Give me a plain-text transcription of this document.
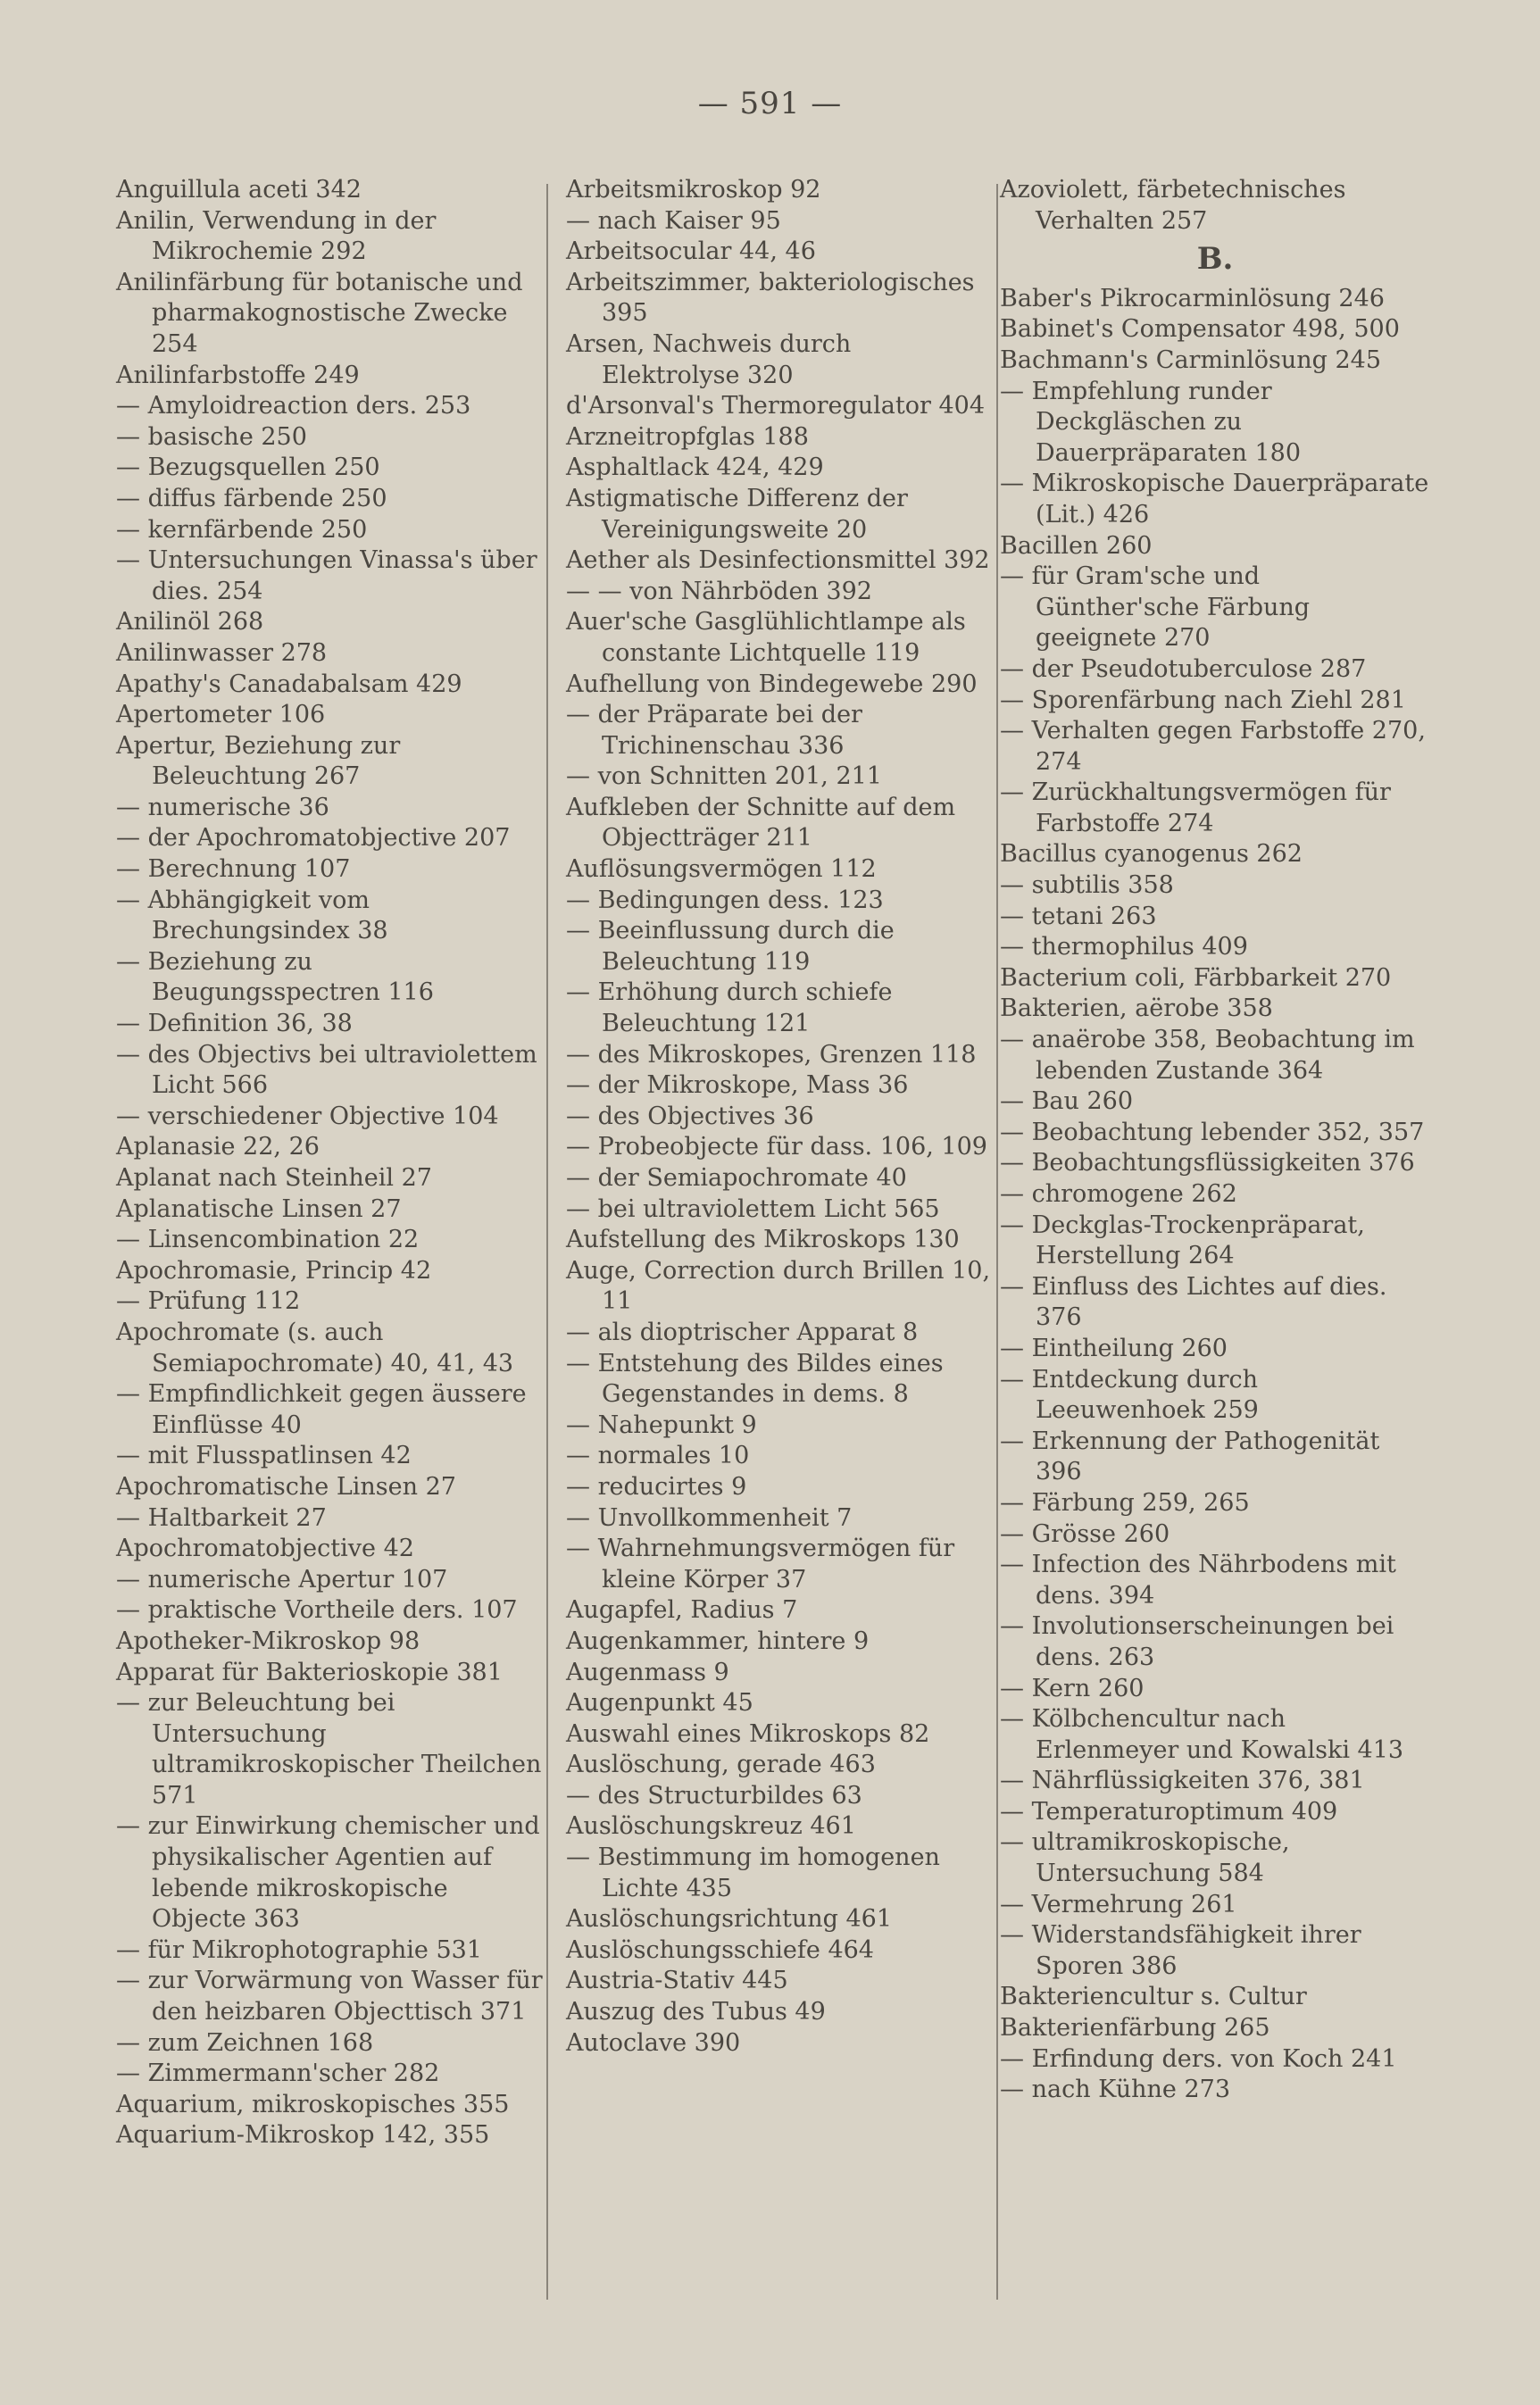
— 591 —
Anguillula aceti 342
Anilin, Verwendung in der Mikrochemie 292
Anilinfärbung für botanische und pharmakognostische Zwecke 254
Anilinfarbstoffe 249
— Amyloidreaction ders. 253
— basische 250
— Bezugsquellen 250
— diffus färbende 250
— kernfärbende 250
— Untersuchungen Vinassa's über dies. 254
Anilinöl 268
Anilinwasser 278
Apathy's Canadabalsam 429
Apertometer 106
Apertur, Beziehung zur Beleuchtung 267
— numerische 36
— der Apochromatobjective 207
— Berechnung 107
— Abhängigkeit vom Brechungsindex 38
— Beziehung zu Beugungsspectren 116
— Definition 36, 38
— des Objectivs bei ultraviolettem Licht 566
— verschiedener Objective 104
Aplanasie 22, 26
Aplanat nach Steinheil 27
Aplanatische Linsen 27
— Linsencombination 22
Apochromasie, Princip 42
— Prüfung 112
Apochromate (s. auch Semiapochromate) 40, 41, 43
— Empfindlichkeit gegen äussere Einflüsse 40
— mit Flusspatlinsen 42
Apochromatische Linsen 27
— Haltbarkeit 27
Apochromatobjective 42
— numerische Apertur 107
— praktische Vortheile ders. 107
Apotheker-Mikroskop 98
Apparat für Bakterioskopie 381
— zur Beleuchtung bei Untersuchung ultramikroskopischer Theilchen 571
— zur Einwirkung chemischer und physikalischer Agentien auf lebende mikroskopische Objecte 363
— für Mikrophotographie 531
— zur Vorwärmung von Wasser für den heizbaren Objecttisch 371
— zum Zeichnen 168
— Zimmermann'scher 282
Aquarium, mikroskopisches 355
Aquarium-Mikroskop 142, 355
Arbeitsmikroskop 92
— nach Kaiser 95
Arbeitsocular 44, 46
Arbeitszimmer, bakteriologisches 395
Arsen, Nachweis durch Elektrolyse 320
d'Arsonval's Thermoregulator 404
Arzneitropfglas 188
Asphaltlack 424, 429
Astigmatische Differenz der Vereinigungsweite 20
Aether als Desinfectionsmittel 392
— — von Nährböden 392
Auer'sche Gasglühlichtlampe als constante Lichtquelle 119
Aufhellung von Bindegewebe 290
— der Präparate bei der Trichinenschau 336
— von Schnitten 201, 211
Aufkleben der Schnitte auf dem Objectträger 211
Auflösungsvermögen 112
— Bedingungen dess. 123
— Beeinflussung durch die Beleuchtung 119
— Erhöhung durch schiefe Beleuchtung 121
— des Mikroskopes, Grenzen 118
— der Mikroskope, Mass 36
— des Objectives 36
— Probeobjecte für dass. 106, 109
— der Semiapochromate 40
— bei ultraviolettem Licht 565
Aufstellung des Mikroskops 130
Auge, Correction durch Brillen 10, 11
— als dioptrischer Apparat 8
— Entstehung des Bildes eines Gegenstandes in dems. 8
— Nahepunkt 9
— normales 10
— reducirtes 9
— Unvollkommenheit 7
— Wahrnehmungsvermögen für kleine Körper 37
Augapfel, Radius 7
Augenkammer, hintere 9
Augenmass 9
Augenpunkt 45
Auswahl eines Mikroskops 82
Auslöschung, gerade 463
— des Structurbildes 63
Auslöschungskreuz 461
— Bestimmung im homogenen Lichte 435
Auslöschungsrichtung 461
Auslöschungsschiefe 464
Austria-Stativ 445
Auszug des Tubus 49
Autoclave 390
Azoviolett, färbetechnisches Verhalten 257
B.
Baber's Pikrocarminlösung 246
Babinet's Compensator 498, 500
Bachmann's Carminlösung 245
— Empfehlung runder Deckgläschen zu Dauerpräparaten 180
— Mikroskopische Dauerpräparate (Lit.) 426
Bacillen 260
— für Gram'sche und Günther'sche Färbung geeignete 270
— der Pseudotuberculose 287
— Sporenfärbung nach Ziehl 281
— Verhalten gegen Farbstoffe 270, 274
— Zurückhaltungsvermögen für Farbstoffe 274
Bacillus cyanogenus 262
— subtilis 358
— tetani 263
— thermophilus 409
Bacterium coli, Färbbarkeit 270
Bakterien, aërobe 358
— anaërobe 358, Beobachtung im lebenden Zustande 364
— Bau 260
— Beobachtung lebender 352, 357
— Beobachtungsflüssigkeiten 376
— chromogene 262
— Deckglas-Trockenpräparat, Herstellung 264
— Einfluss des Lichtes auf dies. 376
— Eintheilung 260
— Entdeckung durch Leeuwenhoek 259
— Erkennung der Pathogenität 396
— Färbung 259, 265
— Grösse 260
— Infection des Nährbodens mit dens. 394
— Involutionserscheinungen bei dens. 263
— Kern 260
— Kölbchencultur nach Erlenmeyer und Kowalski 413
— Nährflüssigkeiten 376, 381
— Temperaturoptimum 409
— ultramikroskopische, Untersuchung 584
— Vermehrung 261
— Widerstandsfähigkeit ihrer Sporen 386
Bakteriencultur s. Cultur
Bakterienfärbung 265
— Erfindung ders. von Koch 241
— nach Kühne 273
